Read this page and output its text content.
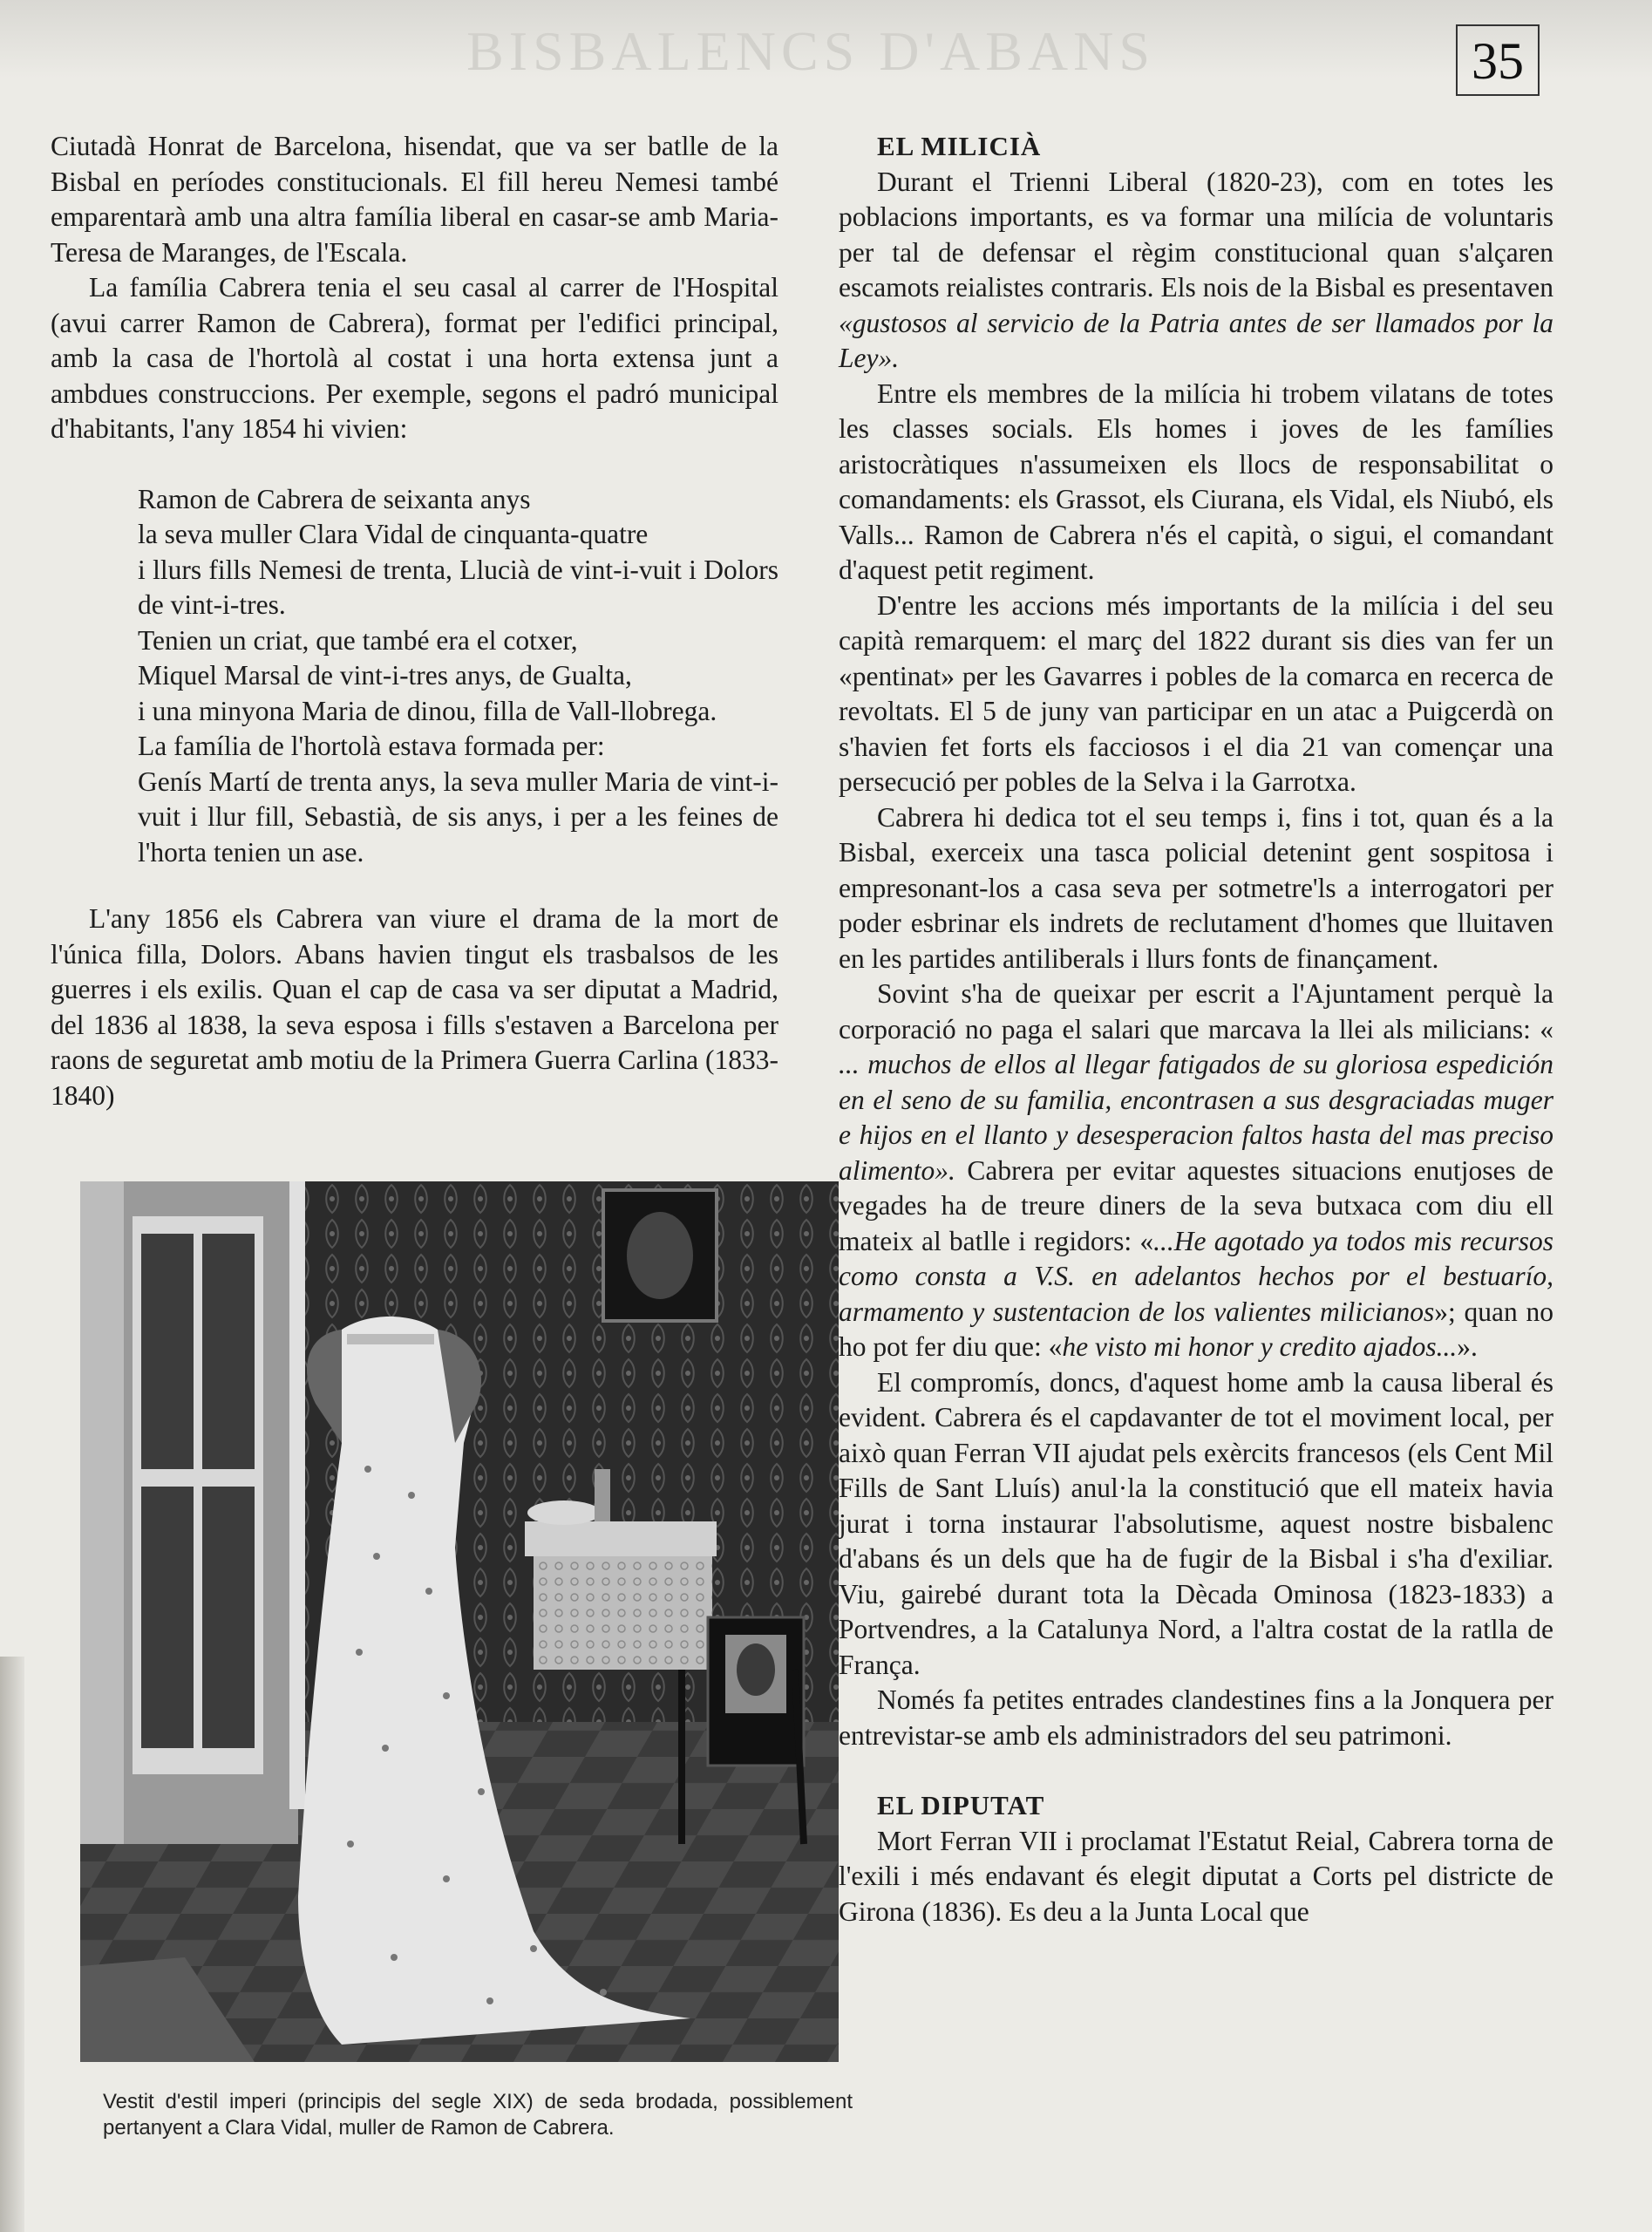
BISBALENCS D'ABANS	35

Ciutadà Honrat de Barcelona, hisendat, que va ser batlle de la Bisbal en períodes constitucionals. El fill hereu Nemesi també emparentarà amb una altra família liberal en casar-se amb Maria-Teresa de Maranges, de l'Escala.

La família Cabrera tenia el seu casal al carrer de l'Hospital (avui carrer Ramon de Cabrera), format per l'edifici principal, amb la casa de l'hortolà al costat i una horta extensa junt a ambdues construccions. Per exemple, segons el padró municipal d'habitants, l'any 1854 hi vivien:

Ramon de Cabrera de seixanta anys
la seva muller Clara Vidal de cinquanta-quatre
i llurs fills Nemesi de trenta, Llucià de vint-i-vuit i Dolors de vint-i-tres.
Tenien un criat, que també era el cotxer,
Miquel Marsal de vint-i-tres anys, de Gualta,
i una minyona Maria de dinou, filla de Vall-llobrega.
La família de l'hortolà estava formada per:
Genís Martí de trenta anys, la seva muller Maria de vint-i-vuit i llur fill, Sebastià, de sis anys, i per a les feines de l'horta tenien un ase.

L'any 1856 els Cabrera van viure el drama de la mort de l'única filla, Dolors. Abans havien tingut els trasbalsos de les guerres i els exilis. Quan el cap de casa va ser diputat a Madrid, del 1836 al 1838, la seva esposa i fills s'estaven a Barcelona per raons de seguretat amb motiu de la Primera Guerra Carlina (1833-1840)

Vestit d'estil imperi (principis del segle XIX) de seda brodada, possiblement pertanyent a Clara Vidal, muller de Ramon de Cabrera.

EL MILICIÀ

Durant el Trienni Liberal (1820-23), com en totes les poblacions importants, es va formar una milícia de voluntaris per tal de defensar el règim constitucional quan s'alçaren escamots reialistes contraris. Els nois de la Bisbal es presentaven «gustosos al servicio de la Patria antes de ser llamados por la Ley».

Entre els membres de la milícia hi trobem vilatans de totes les classes socials. Els homes i joves de les famílies aristocràtiques n'assumeixen els llocs de responsabilitat o comandaments: els Grassot, els Ciurana, els Vidal, els Niubó, els Valls... Ramon de Cabrera n'és el capità, o sigui, el comandant d'aquest petit regiment.

D'entre les accions més importants de la milícia i del seu capità remarquem: el març del 1822 durant sis dies van fer un «pentinat» per les Gavarres i pobles de la comarca en recerca de revoltats. El 5 de juny van participar en un atac a Puigcerdà on s'havien fet forts els facciosos i el dia 21 van començar una persecució per pobles de la Selva i la Garrotxa.

Cabrera hi dedica tot el seu temps i, fins i tot, quan és a la Bisbal, exerceix una tasca policial detenint gent sospitosa i empresonant-los a casa seva per sotmetre'ls a interrogatori per poder esbrinar els indrets de reclutament d'homes que lluitaven en les partides antiliberals i llurs fonts de finançament.

Sovint s'ha de queixar per escrit a l'Ajuntament perquè la corporació no paga el salari que marcava la llei als milicians: « ... muchos de ellos al llegar fatigados de su gloriosa espedición en el seno de su familia, encontrasen a sus desgraciadas muger e hijos en el llanto y desesperacion faltos hasta del mas preciso alimento». Cabrera per evitar aquestes situacions enutjoses de vegades ha de treure diners de la seva butxaca com diu ell mateix al batlle i regidors: «...He agotado ya todos mis recursos como consta a V.S. en adelantos hechos por el bestuarío, armamento y sustentacion de los valientes milicianos»; quan no ho pot fer diu que: «he visto mi honor y credito ajados...».

El compromís, doncs, d'aquest home amb la causa liberal és evident. Cabrera és el capdavanter de tot el moviment local, per això quan Ferran VII ajudat pels exèrcits francesos (els Cent Mil Fills de Sant Lluís) anul·la la constitució que ell mateix havia jurat i torna instaurar l'absolutisme, aquest nostre bisbalenc d'abans és un dels que ha de fugir de la Bisbal i s'ha d'exiliar. Viu, gairebé durant tota la Dècada Ominosa (1823-1833) a Portvendres, a la Catalunya Nord, a l'altra costat de la ratlla de França.

Només fa petites entrades clandestines fins a la Jonquera per entrevistar-se amb els administradors del seu patrimoni.

EL DIPUTAT

Mort Ferran VII i proclamat l'Estatut Reial, Cabrera torna de l'exili i més endavant és elegit diputat a Corts pel districte de Girona (1836). Es deu a la Junta Local que
